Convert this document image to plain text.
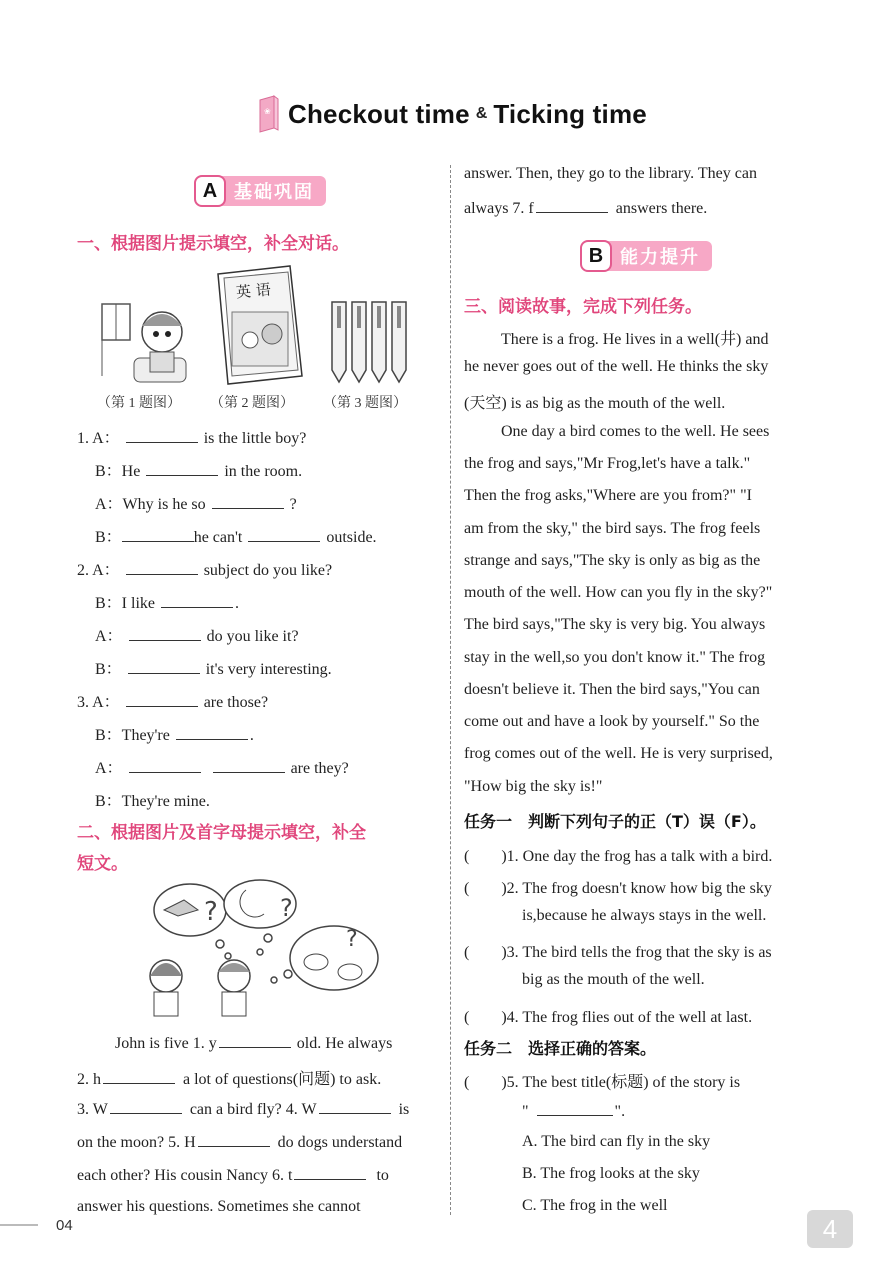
❀ Checkout time & Ticking time
A 基础巩固
一、根据图片提示填空，补全对话。
英 语
（第 1 题图） （第 2 题图） （第 3 题图）
1. A：	is the little boy?
B：He	in the room.
A：Why is he so	?
B：	he can't	outside.
2. A：	subject do you like?
B：I like	.
A：	do you like it?
B：	it's very interesting.
3. A：	are those?
B：They're	.
A：	are they?
B：They're mine.
二、根据图片及首字母提示填空，补全
短文。
?	?
?
John is five 1. y	old. He always
2. h	a lot of questions(问题) to ask.
3. W	can a bird fly? 4. W	is
on the moon? 5. H	do dogs understand
each other? His cousin Nancy 6. t	to
answer his questions. Sometimes she cannot
answer. Then, they go to the library. They can
always 7. f	answers there.
B 能力提升
三、阅读故事，完成下列任务。
There is a frog. He lives in a well(井) and
he never goes out of the well. He thinks the sky
(天空) is as big as the mouth of the well.
One day a bird comes to the well. He sees
the frog and says,"Mr Frog,let's have a talk."
Then the frog asks,"Where are you from?" "I
am from the sky," the bird says. The frog feels
strange and says,"The sky is only as big as the
mouth of the well. How can you fly in the sky?"
The bird says,"The sky is very big. You always
stay in the well,so you don't know it." The frog
doesn't believe it. Then the bird says,"You can
come out and have a look by yourself." So the
frog comes out of the well. He is very surprised,
"How big the sky is!"
任务一　判断下列句子的正（T）误（F）。
(　　)1. One day the frog has a talk with a bird.
(　　)2. The frog doesn't know how big the sky
is,because he always stays in the well.
(　　)3. The bird tells the frog that the sky is as
big as the mouth of the well.
(　　)4. The frog flies out of the well at last.
任务二　选择正确的答案。
(　　)5. The best title(标题) of the story is
"	".
A. The bird can fly in the sky
B. The frog looks at the sky
C. The frog in the well
04	4
